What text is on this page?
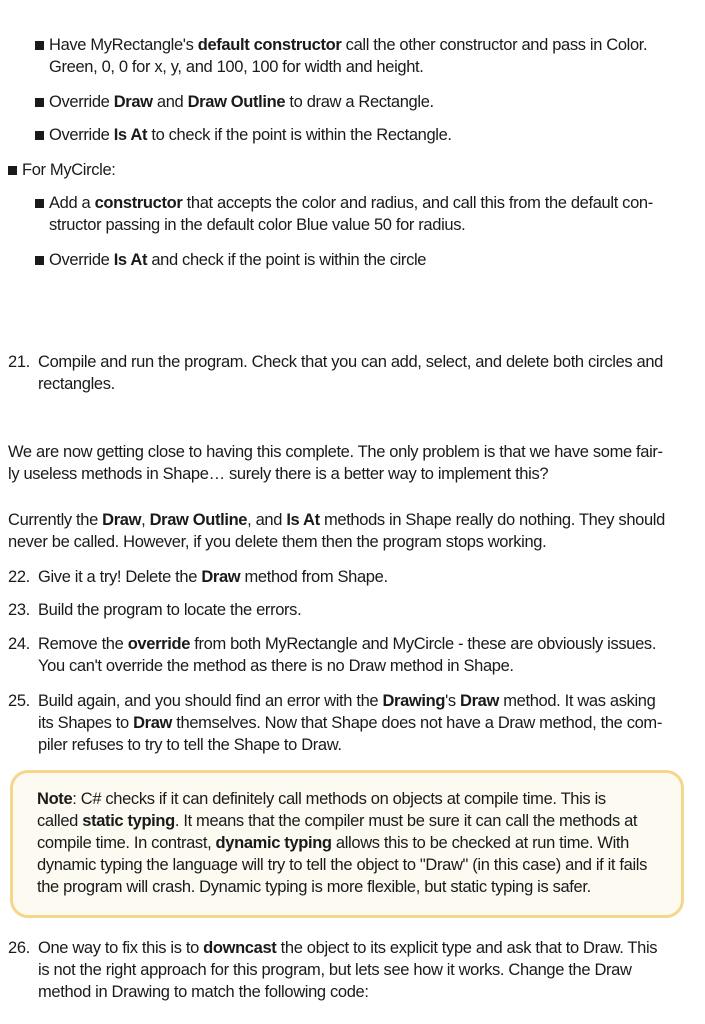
Have MyRectangle's default constructor call the other constructor and pass in Color.
Green, 0, 0 for x, y, and 100, 100 for width and height.
Override Draw and Draw Outline to draw a Rectangle.
Override Is At to check if the point is within the Rectangle.
For MyCircle:
Add a constructor that accepts the color and radius, and call this from the default con-
structor passing in the default color Blue value 50 for radius.
Override Is At and check if the point is within the circle
21. Compile and run the program. Check that you can add, select, and delete both circles and
rectangles.
We are now getting close to having this complete. The only problem is that we have some fair-
ly useless methods in Shape… surely there is a better way to implement this?
Currently the Draw, Draw Outline, and Is At methods in Shape really do nothing. They should
never be called. However, if you delete them then the program stops working.
22. Give it a try! Delete the Draw method from Shape.
23. Build the program to locate the errors.
24. Remove the override from both MyRectangle and MyCircle - these are obviously issues.
You can't override the method as there is no Draw method in Shape.
25. Build again, and you should find an error with the Drawing's Draw method. It was asking
its Shapes to Draw themselves. Now that Shape does not have a Draw method, the com-
piler refuses to try to tell the Shape to Draw.
Note: C# checks if it can definitely call methods on objects at compile time. This is
called static typing. It means that the compiler must be sure it can call the methods at
compile time. In contrast, dynamic typing allows this to be checked at run time. With
dynamic typing the language will try to tell the object to "Draw" (in this case) and if it fails
the program will crash. Dynamic typing is more flexible, but static typing is safer.
26. One way to fix this is to downcast the object to its explicit type and ask that to Draw. This
is not the right approach for this program, but lets see how it works. Change the Draw
method in Drawing to match the following code:
